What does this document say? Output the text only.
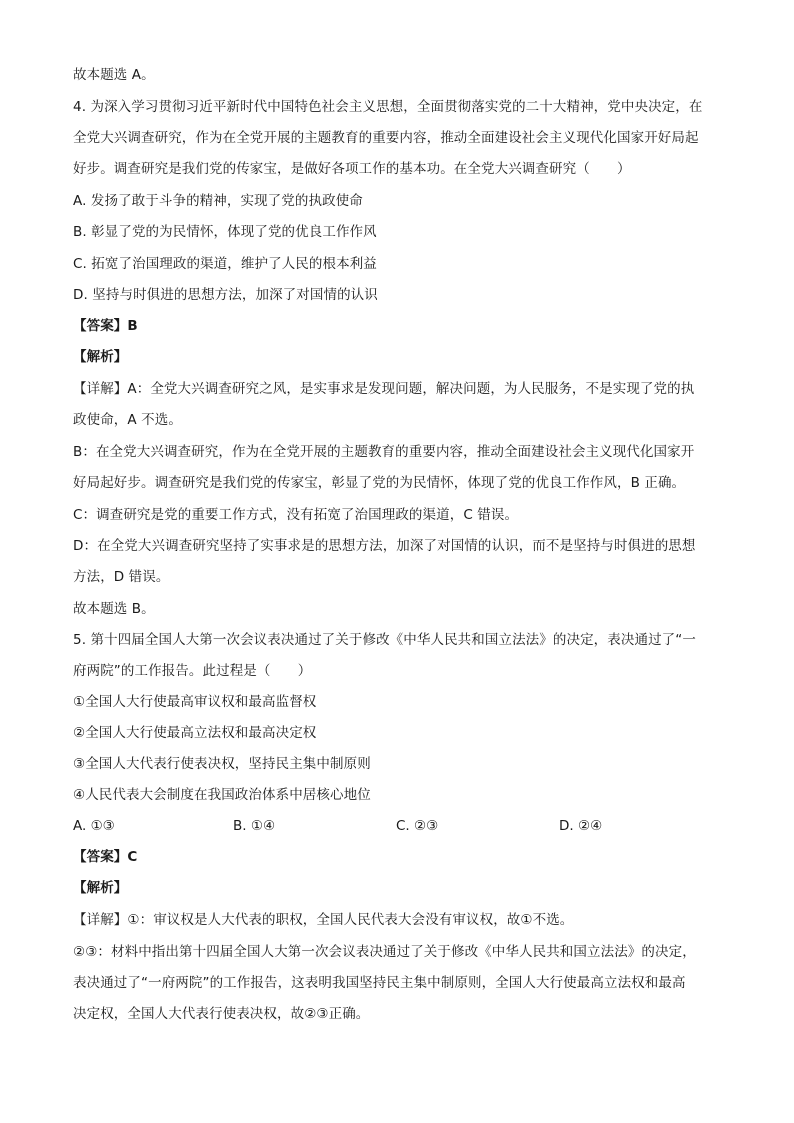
故本题选 A。
4. 为深入学习贯彻习近平新时代中国特色社会主义思想，全面贯彻落实党的二十大精神，党中央决定，在
全党大兴调查研究，作为在全党开展的主题教育的重要内容，推动全面建设社会主义现代化国家开好局起
好步。调查研究是我们党的传家宝，是做好各项工作的基本功。在全党大兴调查研究（　　）
A. 发扬了敢于斗争的精神，实现了党的执政使命
B. 彰显了党的为民情怀，体现了党的优良工作作风
C. 拓宽了治国理政的渠道，维护了人民的根本利益
D. 坚持与时俱进的思想方法，加深了对国情的认识
【答案】B
【解析】
【详解】A：全党大兴调查研究之风，是实事求是发现问题，解决问题，为人民服务，不是实现了党的执
政使命，A 不选。
B：在全党大兴调查研究，作为在全党开展的主题教育的重要内容，推动全面建设社会主义现代化国家开
好局起好步。调查研究是我们党的传家宝，彰显了党的为民情怀，体现了党的优良工作作风，B 正确。
C：调查研究是党的重要工作方式，没有拓宽了治国理政的渠道，C 错误。
D：在全党大兴调查研究坚持了实事求是的思想方法，加深了对国情的认识，而不是坚持与时俱进的思想
方法，D 错误。
故本题选 B。
5. 第十四届全国人大第一次会议表决通过了关于修改《中华人民共和国立法法》的决定，表决通过了“一
府两院”的工作报告。此过程是（　　）
①全国人大行使最高审议权和最高监督权
②全国人大行使最高立法权和最高决定权
③全国人大代表行使表决权，坚持民主集中制原则
④人民代表大会制度在我国政治体系中居核心地位
A. ①③	B. ①④	C. ②③	D. ②④
【答案】C
【解析】
【详解】①：审议权是人大代表的职权，全国人民代表大会没有审议权，故①不选。
②③：材料中指出第十四届全国人大第一次会议表决通过了关于修改《中华人民共和国立法法》的决定，
表决通过了“一府两院”的工作报告，这表明我国坚持民主集中制原则，全国人大行使最高立法权和最高
决定权，全国人大代表行使表决权，故②③正确。
